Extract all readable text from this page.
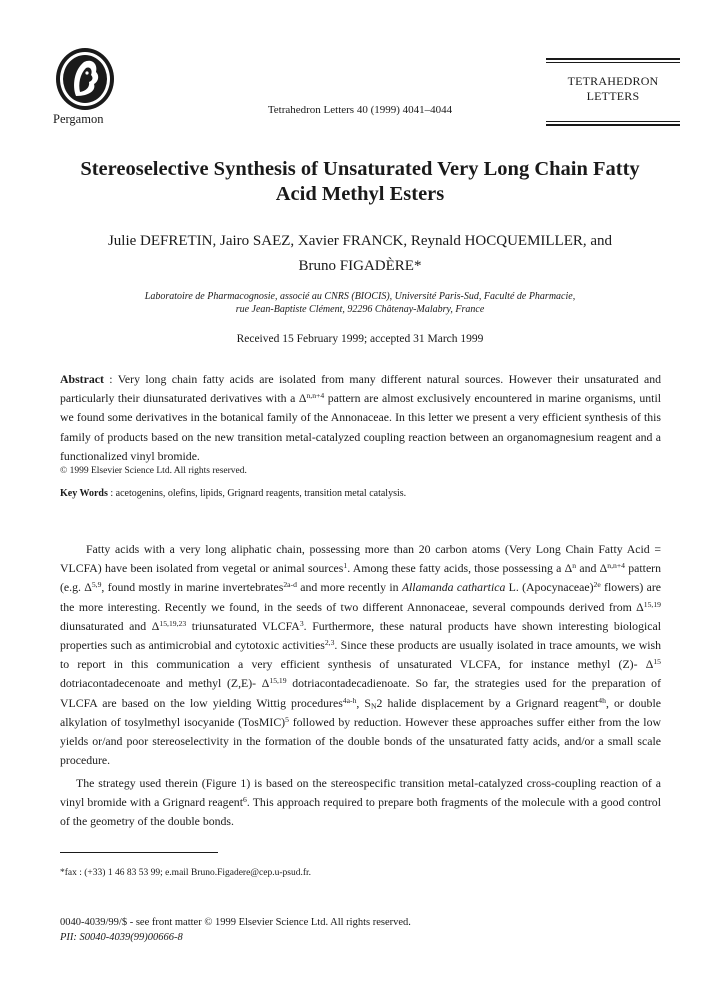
Pergamon
Tetrahedron Letters 40 (1999) 4041–4044
TETRAHEDRON
LETTERS
Stereoselective Synthesis of Unsaturated Very Long Chain Fatty Acid Methyl Esters
Julie DEFRETIN, Jairo SAEZ, Xavier FRANCK, Reynald HOCQUEMILLER, and
Bruno FIGADÈRE*
Laboratoire de Pharmacognosie, associé au CNRS (BIOCIS), Université Paris-Sud, Faculté de Pharmacie,
rue Jean-Baptiste Clément, 92296 Châtenay-Malabry, France
Received 15 February 1999; accepted 31 March 1999
Abstract : Very long chain fatty acids are isolated from many different natural sources. However their unsaturated and particularly their diunsaturated derivatives with a $\Delta^{n,n+4}$ pattern are almost exclusively encountered in marine organisms, until we found some derivatives in the botanical family of the Annonaceae. In this letter we present a very efficient synthesis of this family of products based on the new transition metal-catalyzed coupling reaction between an organomagnesium reagent and a functionalized vinyl bromide.
© 1999 Elsevier Science Ltd. All rights reserved.
Key Words : acetogenins, olefins, lipids, Grignard reagents, transition metal catalysis.
Fatty acids with a very long aliphatic chain, possessing more than 20 carbon atoms (Very Long Chain Fatty Acid = VLCFA) have been isolated from vegetal or animal sources$^1$. Among these fatty acids, those possessing a $\Delta^n$ and $\Delta^{n,n+4}$ pattern (e.g. Δ$^{5,9}$, found mostly in marine invertebrates$^{2a-d}$ and more recently in Allamanda cathartica L. (Apocynaceae)$^{2e}$ flowers) are the more interesting. Recently we found, in the seeds of two different Annonaceae, several compounds derived from Δ$^{15,19}$ diunsaturated and Δ$^{15,19,23}$ triunsaturated VLCFA$^3$. Furthermore, these natural products have shown interesting biological properties such as antimicrobial and cytotoxic activities$^{2,3}$. Since these products are usually isolated in trace amounts, we wish to report in this communication a very efficient synthesis of unsaturated VLCFA, for instance methyl (Z)- $\Delta^{15}$ dotriacontadecenoate and methyl (Z,E)- Δ$^{15,19}$ dotriacontadecadienoate. So far, the strategies used for the preparation of VLCFA are based on the low yielding Wittig procedures$^{4a-h}$, $S_N2$ halide displacement by a Grignard reagent$^{4h}$, or double alkylation of tosylmethyl isocyanide (TosMIC)$^5$ followed by reduction. However these approaches suffer either from the low yields or/and poor stereoselectivity in the formation of the double bonds of the unsaturated fatty acids, and/or a small scale procedure.
The strategy used therein (Figure 1) is based on the stereospecific transition metal-catalyzed cross-coupling reaction of a vinyl bromide with a Grignard reagent$^6$. This approach required to prepare both fragments of the molecule with a good control of the geometry of the double bonds.
*fax : (+33) 1 46 83 53 99; e.mail Bruno.Figadere@cep.u-psud.fr.
0040-4039/99/$ - see front matter © 1999 Elsevier Science Ltd. All rights reserved.
PII: S0040-4039(99)00666-8
